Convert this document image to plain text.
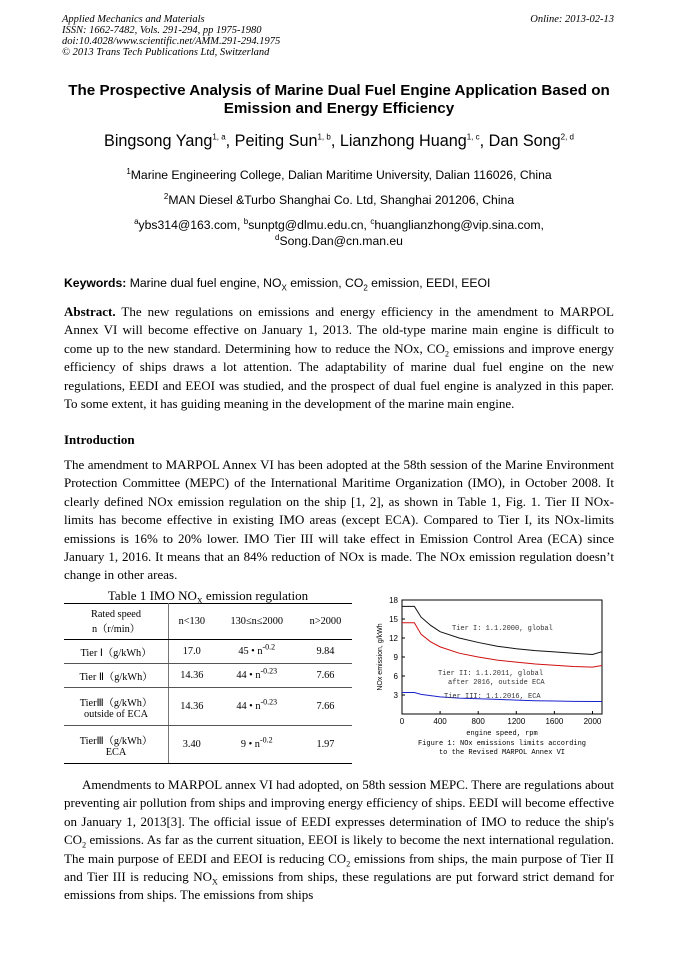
Applied Mechanics and Materials
ISSN: 1662-7482, Vols. 291-294, pp 1975-1980
doi:10.4028/www.scientific.net/AMM.291-294.1975
© 2013 Trans Tech Publications Ltd, Switzerland
Online: 2013-02-13
The Prospective Analysis of Marine Dual Fuel Engine Application Based on Emission and Energy Efficiency
Bingsong Yang$^{1, a}$, Peiting Sun$^{1, b}$, Lianzhong Huang$^{1, c}$, Dan Song$^{2, d}$
$^1$Marine Engineering College, Dalian Maritime University, Dalian 116026, China
$^2$MAN Diesel &Turbo Shanghai Co. Ltd, Shanghai 201206, China
$^a$ybs314@163.com, $^b$sunptg@dlmu.edu.cn, $^c$huanglianzhong@vip.sina.com,
$^d$Song.Dan@cn.man.eu
Keywords: Marine dual fuel engine, $NO_X$ emission, $CO_2$ emission, EEDI, EEOI
Abstract. The new regulations on emissions and energy efficiency in the amendment to MARPOL Annex VI will become effective on January 1, 2013. The old-type marine main engine is difficult to come up to the new standard. Determining how to reduce the NOx, $CO_2$ emissions and improve energy efficiency of ships draws a lot attention. The adaptability of marine dual fuel engine on the new regulations, EEDI and EEOI was studied, and the prospect of dual fuel engine is analyzed in this paper. To some extent, it has guiding meaning in the development of the marine main engine.
Introduction
The amendment to MARPOL Annex VI has been adopted at the 58th session of the Marine Environment Protection Committee (MEPC) of the International Maritime Organization (IMO), in October 2008. It clearly defined NOx emission regulation on the ship [1, 2], as shown in Table 1, Fig. 1. Tier II NOx-limits has become effective in existing IMO areas (except ECA). Compared to Tier I, its NOx-limits emissions is 16% to 20% lower. IMO Tier III will take effect in Emission Control Area (ECA) since January 1, 2016. It means that an 84% reduction of NOx is made. The NOx emission regulation doesn’t change in other areas.
Table 1 IMO $NO_X$ emission regulation
Rated speed
n（r/min）	n<130	130≤n≤2000	n>2000
Tier Ⅰ（g/kWh）	17.0	45 • $n^{-0.2}$	9.84
Tier Ⅱ（g/kWh）	14.36	44 • $n^{-0.23}$	7.66

TierⅢ（g/kWh）
outside of ECA	14.36	44 • $n^{-0.23}$	7.66

TierⅢ（g/kWh）
ECA	3.40	9 • $n^{-0.2}$	1.97
3
6
9
12
15
18
0	400	800	1200	1600	2000
Tier I: 1.1.2000, global
Tier II: 1.1.2011, global
after 2016, outside ECA
Tier III: 1.1.2016, ECA
engine speed, rpm
NOx emission, g/kWh
Figure 1: NOx emissions limits according
to the Revised MARPOL Annex VI
Amendments to MARPOL annex VI had adopted, on 58th session MEPC. There are regulations about preventing air pollution from ships and improving energy efficiency of ships. EEDI will become effective on January 1, 2013[3]. The official issue of EEDI expresses determination of IMO to reduce the ship's $CO_2$ emissions. As far as the current situation, EEOI is likely to become the next international regulation. The main purpose of EEDI and EEOI is reducing $CO_2$ emissions from ships, the main purpose of Tier II and Tier III is reducing $NO_X$ emissions from ships, these regulations are put forward strict demand for emissions from ships. The emissions from ships
